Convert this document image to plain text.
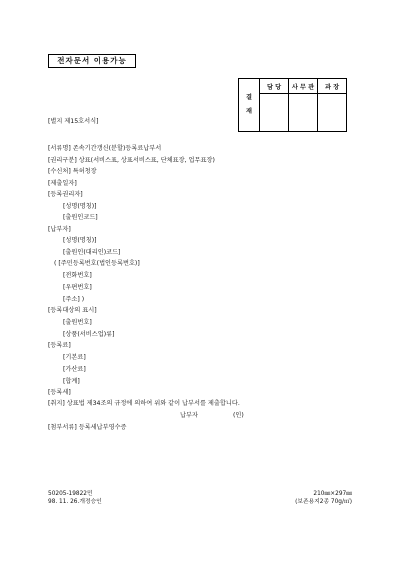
전자문서 이용가능
결
재	담 당	사 무 관	과 장

[별지 제15호서식]
[서류명] 존속기간갱신(분할)등록료납부서
[권리구분] 상표(서비스표, 상표서비스표, 단체표장, 업무표장)
[수신처] 특허청장
[제출일자]
[등록권리자]
[성명(명칭)]
[출원인코드]
[납부자]
[성명(명칭)]
[출원인(대리인)코드]
( [주민등록번호(법인등록번호)]
[전화번호]
[우편번호]
[주소] )
[등록대상의 표시]
[출원번호]
[상품(서비스업)류]
[등록료]
[기본료]
[가산료]
[합계]
[등록세]
[취지] 상표법 제34조의 규정에 의하여 위와 같이 납부서를 제출합니다.
납부자	(인)
[첨부서류] 등록세납부영수증
50205-19822민
98. 11. 26.개정승인
210㎜×297㎜
(보존용지2종 70g/㎡)
